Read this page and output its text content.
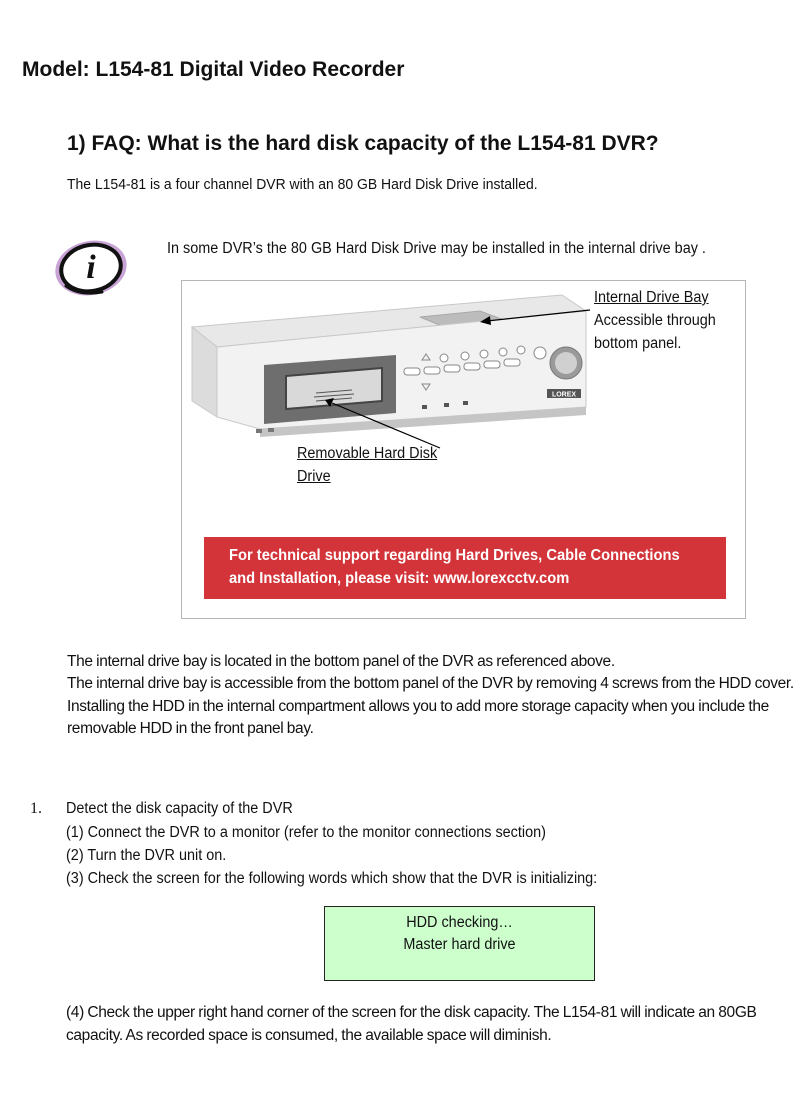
Model: L154-81 Digital Video Recorder
1) FAQ: What is the hard disk capacity of the L154-81 DVR?
The L154-81 is a four channel DVR with an 80 GB Hard Disk Drive installed.
i
In some DVR’s the 80 GB Hard Disk Drive may be installed in the internal drive bay .
LOREX
Internal Drive Bay
Accessible through
bottom panel.
Removable Hard Disk
Drive
For technical support regarding Hard Drives, Cable Connections
and Installation, please visit: www.lorexcctv.com

The internal drive bay is located in the bottom panel of the DVR as referenced above.

The internal drive bay is accessible from the bottom panel of the DVR by removing 4 screws from the HDD cover.

Installing the HDD in the internal compartment allows you to add more storage capacity when you include the removable HDD in the front panel bay.

1. Detect the disk capacity of the DVR
(1) Connect the DVR to a monitor (refer to the monitor connections section)
(2) Turn the DVR unit on.
(3) Check the screen for the following words which show that the DVR is initializing:
HDD checking…
Master hard drive
(4) Check the upper right hand corner of the screen for the disk capacity. The L154-81 will indicate an 80GB capacity. As recorded space is consumed, the available space will diminish.
